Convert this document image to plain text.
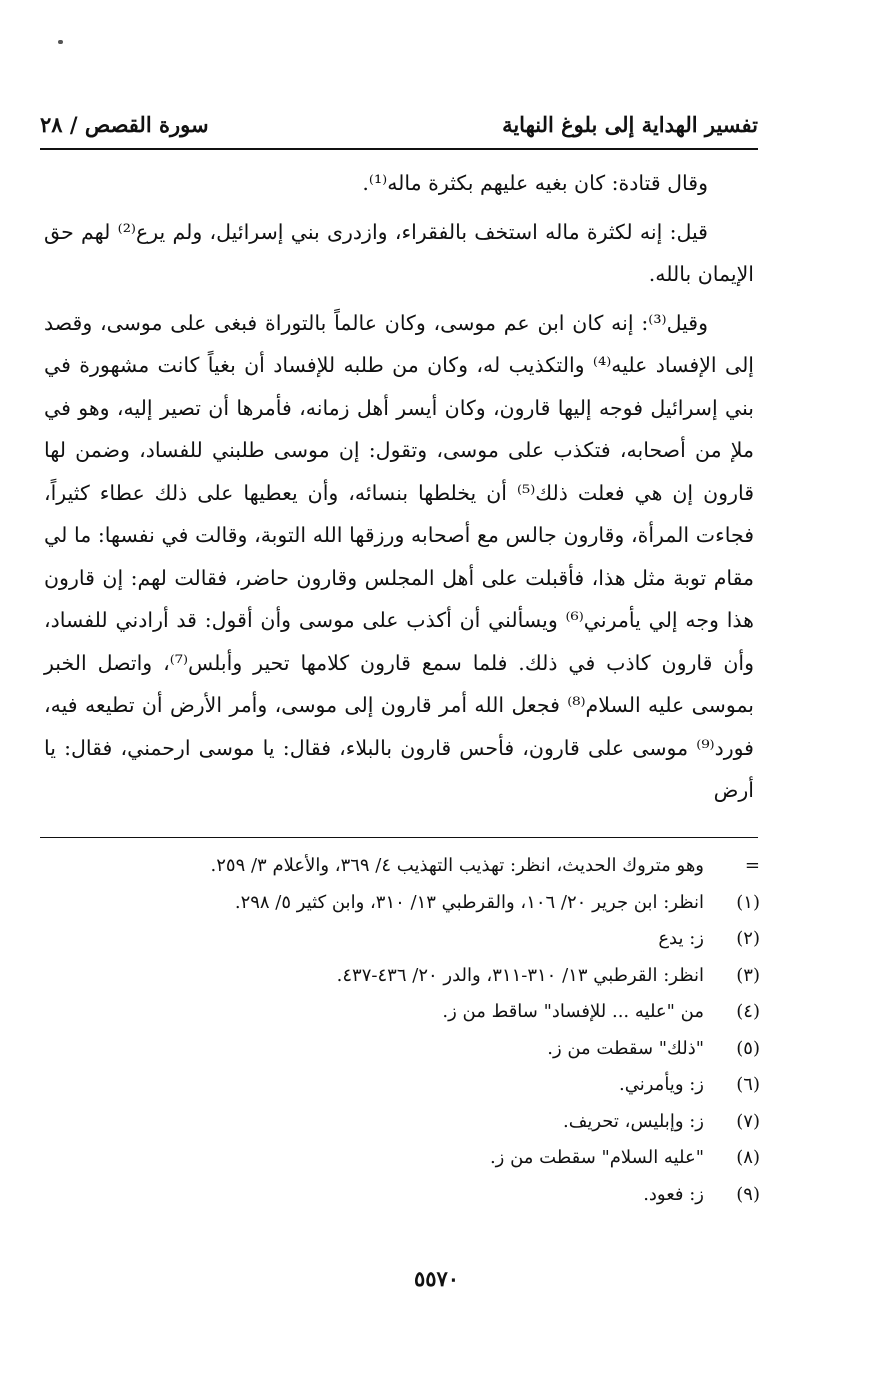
تفسير الهداية إلى بلوغ النهاية
سورة القصص / ٢٨

وقال قتادة: كان بغيه عليهم بكثرة ماله⁽¹⁾.

قيل: إنه لكثرة ماله استخف بالفقراء، وازدرى بني إسرائيل، ولم يرع⁽²⁾ لهم حق الإيمان بالله.

وقيل⁽³⁾: إنه كان ابن عم موسى، وكان عالماً بالتوراة فبغى على موسى، وقصد إلى الإفساد عليه⁽⁴⁾ والتكذيب له، وكان من طلبه للإفساد أن بغياً كانت مشهورة في بني إسرائيل فوجه إليها قارون، وكان أيسر أهل زمانه، فأمرها أن تصير إليه، وهو في ملإ من أصحابه، فتكذب على موسى، وتقول: إن موسى طلبني للفساد، وضمن لها قارون إن هي فعلت ذلك⁽⁵⁾ أن يخلطها بنسائه، وأن يعطيها على ذلك عطاء كثيراً، فجاءت المرأة، وقارون جالس مع أصحابه ورزقها الله التوبة، وقالت في نفسها: ما لي مقام توبة مثل هذا، فأقبلت على أهل المجلس وقارون حاضر، فقالت لهم: إن قارون هذا وجه إلي يأمرني⁽⁶⁾ ويسألني أن أكذب على موسى وأن أقول: قد أرادني للفساد، وأن قارون كاذب في ذلك. فلما سمع قارون كلامها تحير وأبلس⁽⁷⁾، واتصل الخبر بموسى عليه السلام⁽⁸⁾ فجعل الله أمر قارون إلى موسى، وأمر الأرض أن تطيعه فيه، فورد⁽⁹⁾ موسى على قارون، فأحس قارون بالبلاء، فقال: يا موسى ارحمني، فقال: يا أرض

=
وهو متروك الحديث، انظر: تهذيب التهذيب ٤/ ٣٦٩، والأعلام ٣/ ٢٥٩.
(١)
انظر: ابن جرير ٢٠/ ١٠٦، والقرطبي ١٣/ ٣١٠، وابن كثير ٥/ ٢٩٨.
(٢)
ز: يدع
(٣)
انظر: القرطبي ١٣/ ٣١٠-٣١١، والدر ٢٠/ ٤٣٦-٤٣٧.
(٤)
من "عليه ... للإفساد" ساقط من ز.
(٥)
"ذلك" سقطت من ز.
(٦)
ز: ويأمرني.
(٧)
ز: وإبليس، تحريف.
(٨)
"عليه السلام" سقطت من ز.
(٩)
ز: فعود.
٥٥٧٠
